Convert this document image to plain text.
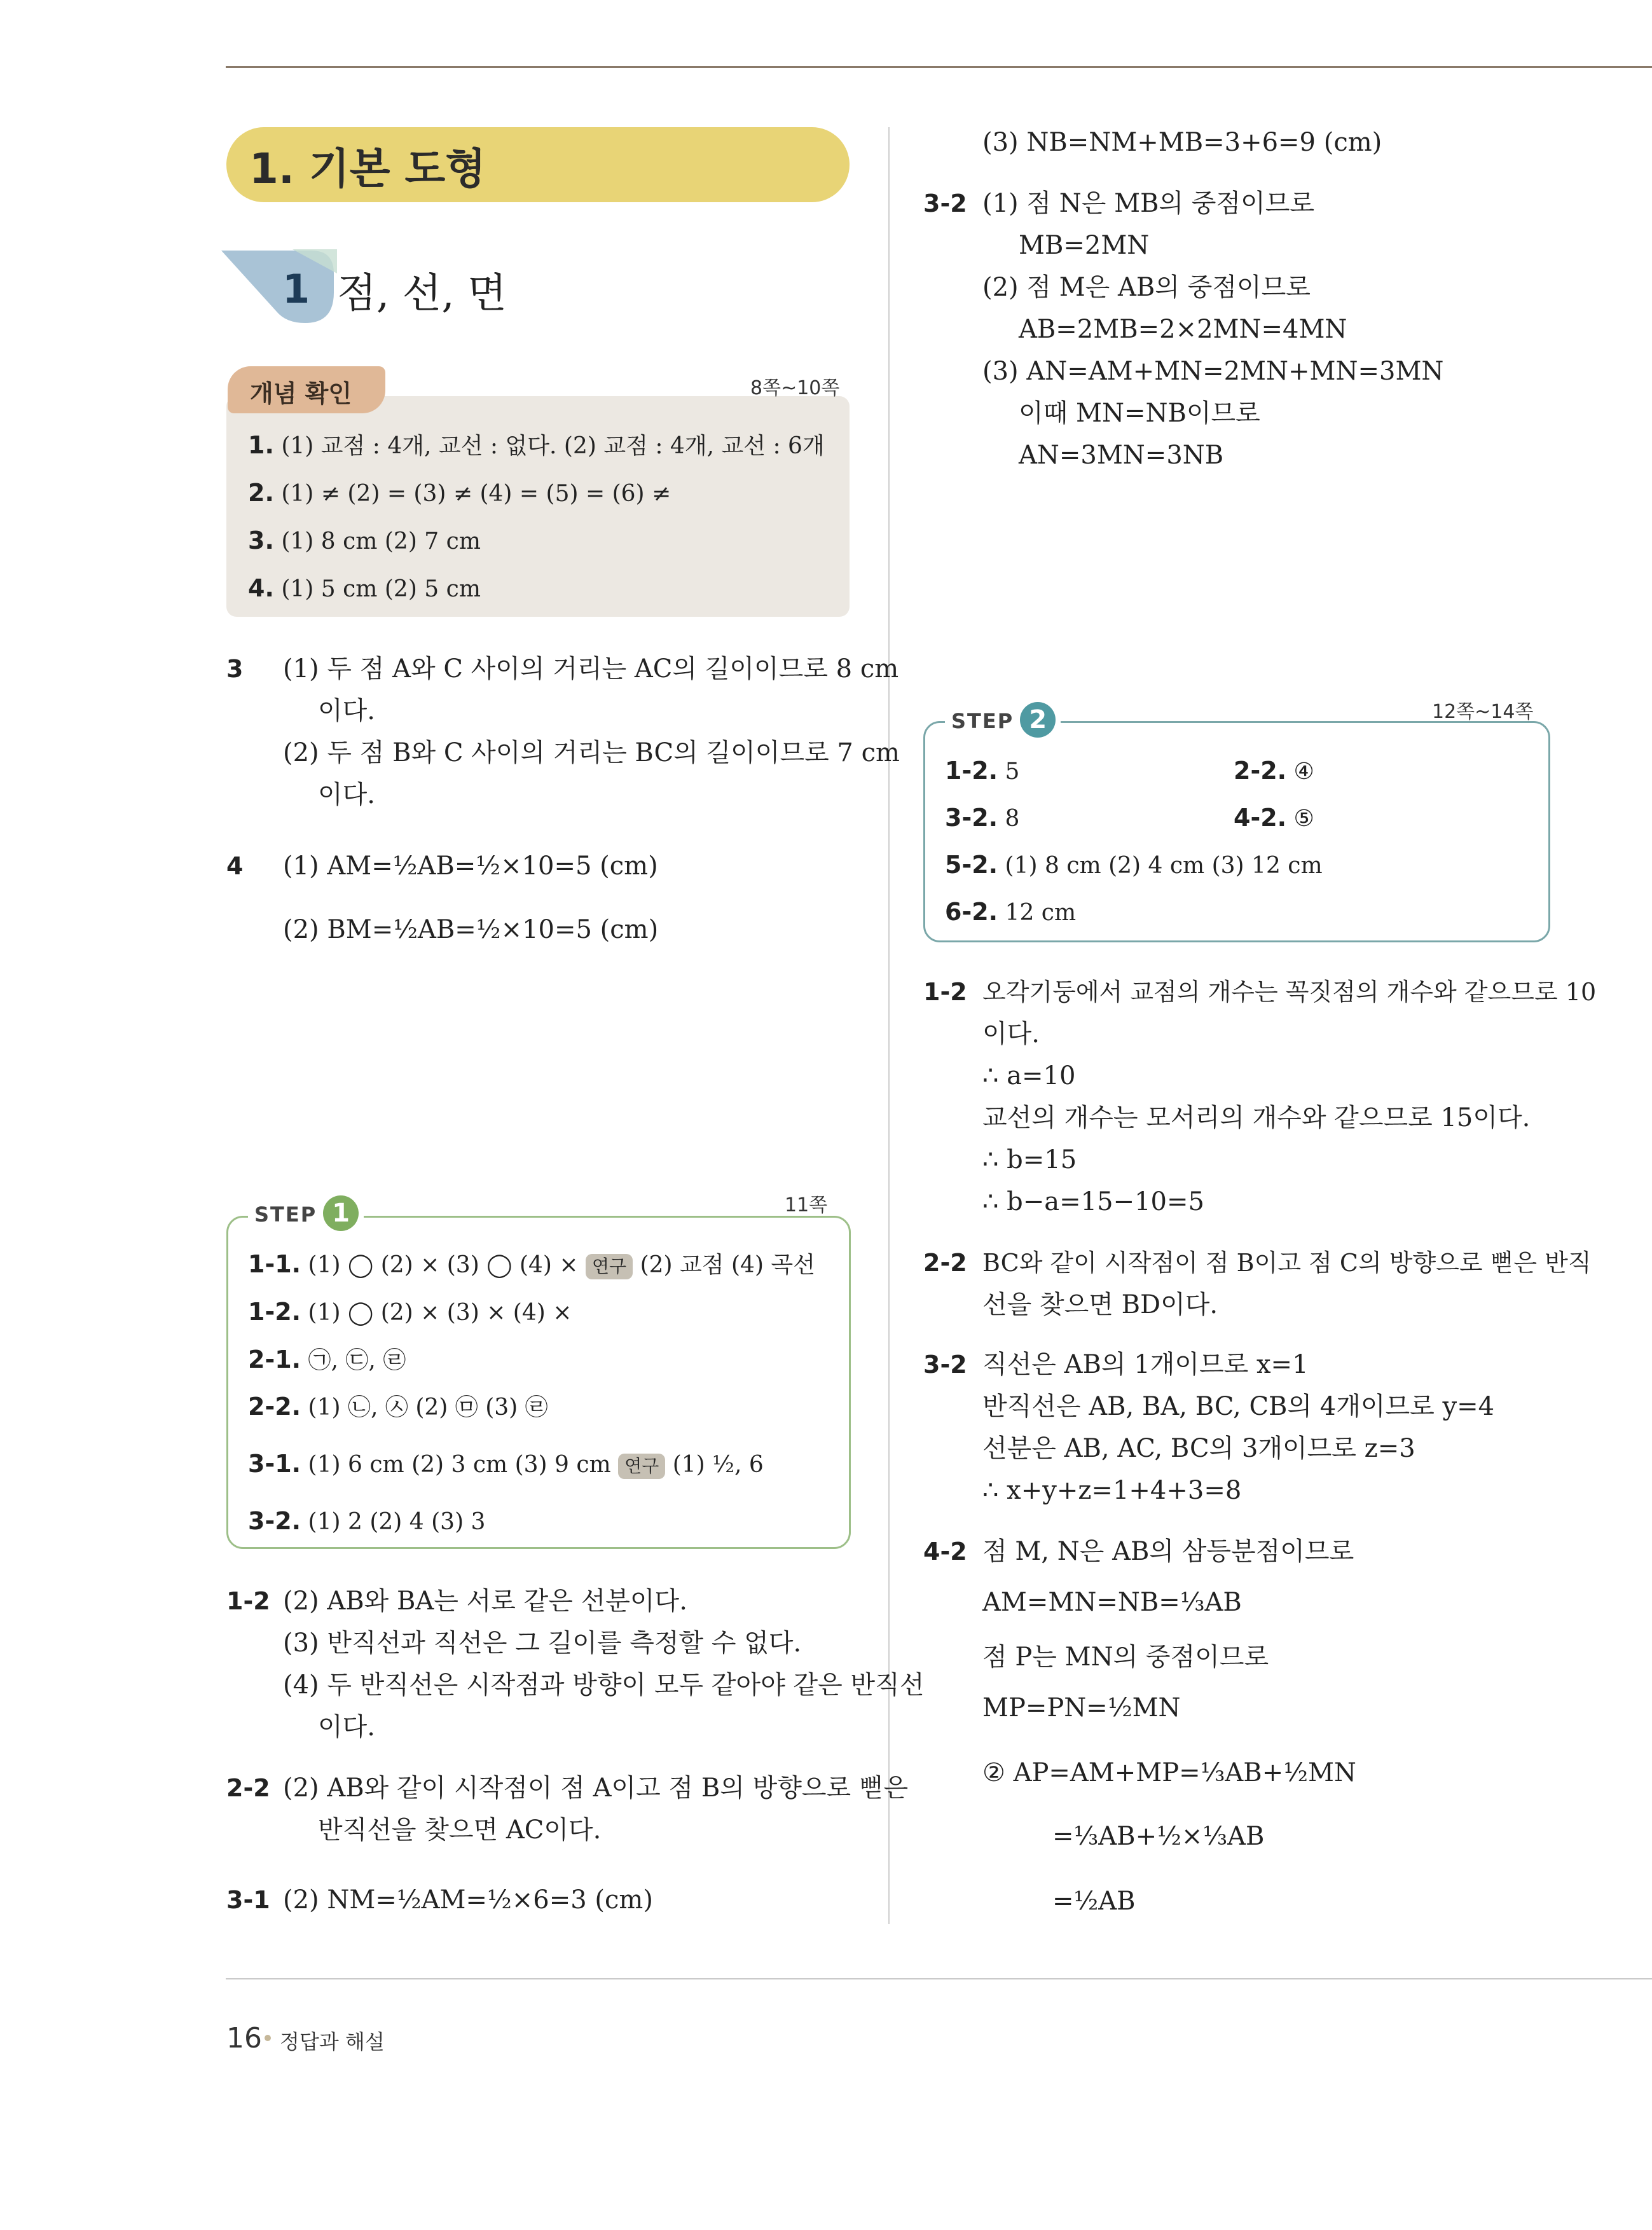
1. 기본 도형
1 점, 선, 면
개념 확인	8쪽~10쪽
1. (1) 교점 : 4개, 교선 : 없다. (2) 교점 : 4개, 교선 : 6개
2. (1) ≠ (2) = (3) ≠ (4) = (5) = (6) ≠
3. (1) 8 cm (2) 7 cm
4. (1) 5 cm (2) 5 cm
3 (1) 두 점 A와 C 사이의 거리는 AC의 길이이므로 8 cm
이다.
(2) 두 점 B와 C 사이의 거리는 BC의 길이이므로 7 cm
이다.
4 (1) AM=½AB=½×10=5 (cm)
(2) BM=½AB=½×10=5 (cm)
STEP 1	11쪽
1-1. (1) ◯ (2) × (3) ◯ (4) × 연구 (2) 교점 (4) 곡선
1-2. (1) ◯ (2) × (3) × (4) ×
2-1. ㉠, ㉢, ㉣
2-2. (1) ㉡, ㉦ (2) ㉤ (3) ㉣
3-1. (1) 6 cm (2) 3 cm (3) 9 cm 연구 (1) ½, 6
3-2. (1) 2 (2) 4 (3) 3
1-2 (2) AB와 BA는 서로 같은 선분이다.
(3) 반직선과 직선은 그 길이를 측정할 수 없다.
(4) 두 반직선은 시작점과 방향이 모두 같아야 같은 반직선
이다.
2-2 (2) AB와 같이 시작점이 점 A이고 점 B의 방향으로 뻗은
반직선을 찾으면 AC이다.
3-1 (2) NM=½AM=½×6=3 (cm)
(3) NB=NM+MB=3+6=9 (cm)
3-2 (1) 점 N은 MB의 중점이므로
MB=2MN
(2) 점 M은 AB의 중점이므로
AB=2MB=2×2MN=4MN
(3) AN=AM+MN=2MN+MN=3MN
이때 MN=NB이므로
AN=3MN=3NB
STEP 2	12쪽~14쪽
1-2. 5	2-2. ④
3-2. 8	4-2. ⑤
5-2. (1) 8 cm (2) 4 cm (3) 12 cm
6-2. 12 cm
1-2 오각기둥에서 교점의 개수는 꼭짓점의 개수와 같으므로 10
이다.
∴ a=10
교선의 개수는 모서리의 개수와 같으므로 15이다.
∴ b=15
∴ b−a=15−10=5
2-2 BC와 같이 시작점이 점 B이고 점 C의 방향으로 뻗은 반직
선을 찾으면 BD이다.
3-2 직선은 AB의 1개이므로 x=1
반직선은 AB, BA, BC, CB의 4개이므로 y=4
선분은 AB, AC, BC의 3개이므로 z=3
∴ x+y+z=1+4+3=8
4-2 점 M, N은 AB의 삼등분점이므로
AM=MN=NB=⅓AB
점 P는 MN의 중점이므로
MP=PN=½MN
② AP=AM+MP=⅓AB+½MN
=⅓AB+½×⅓AB
=½AB
16 정답과 해설
